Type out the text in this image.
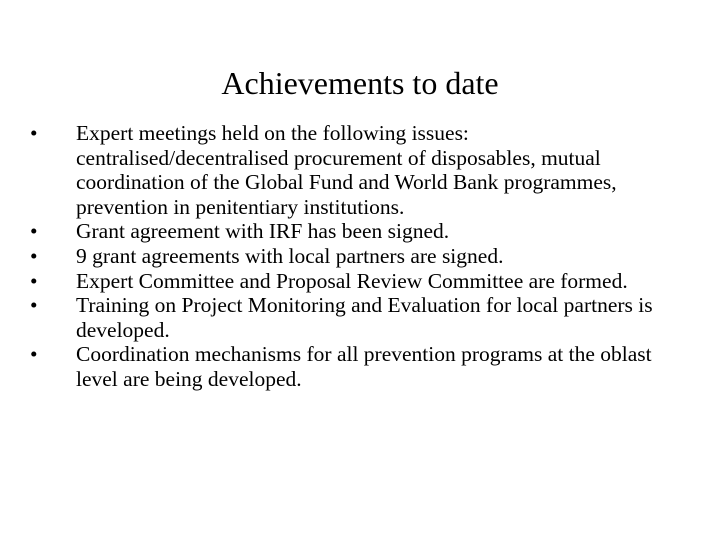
Achievements to date
•	Expert meetings held on the following issues: centralised/decentralised procurement of disposables, mutual coordination of the Global Fund and World Bank programmes, prevention in penitentiary institutions.
•	Grant agreement with IRF has been signed.
•	9 grant agreements with local partners are signed.
•	Expert Committee and Proposal Review Committee are formed.
•	Training on Project Monitoring and Evaluation for local partners is developed.
•	Coordination mechanisms for all prevention programs at the oblast level are being developed.
